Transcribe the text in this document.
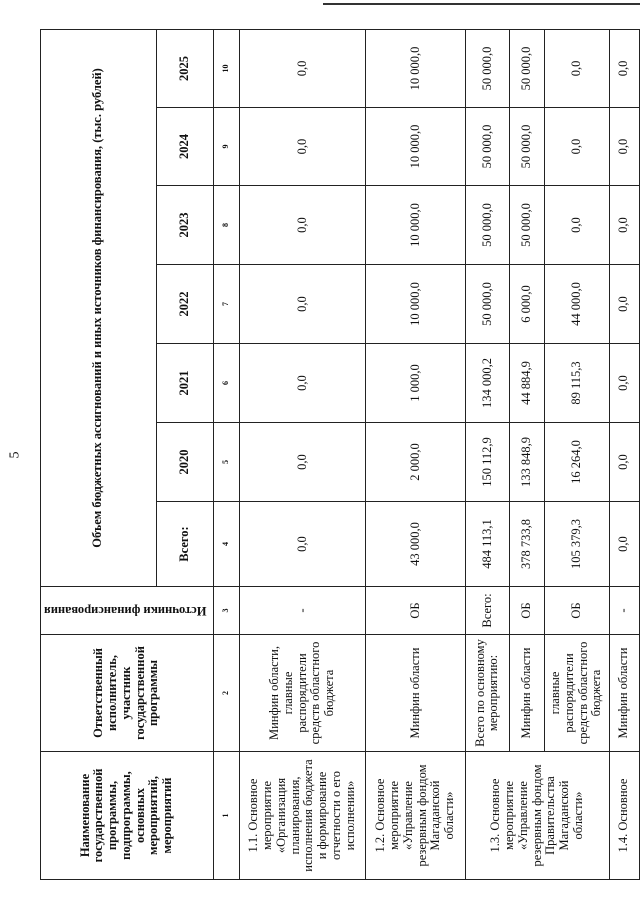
5
Наименование государственной программы, подпрограммы, основных мероприятий, мероприятий	Ответственный исполнитель, участник государственной программы	Источники финансирования	Объем бюджетных ассигнований и иных источников финансирования, (тыс. рублей)						
			Всего:	2020	2021	2022	2023	2024	2025
1	2	3	4	5	6	7	8	9	10
1.1. Основное мероприятие «Организация планирования, исполнения бюджета и формирование отчетности о его исполнении»	Минфин области, главные распорядители средств областного бюджета	-	0,0	0,0	0,0	0,0	0,0	0,0	0,0
1.2. Основное мероприятие «Управление резервным фондом Магаданской области»	Минфин области	ОБ	43 000,0	2 000,0	1 000,0	10 000,0	10 000,0	10 000,0	10 000,0
1.3. Основное мероприятие «Управление резервным фондом Правительства Магаданской области»	Всего по основному мероприятию:	Всего:	484 113,1	150 112,9	134 000,2	50 000,0	50 000,0	50 000,0	50 000,0
	Минфин области	ОБ	378 733,8	133 848,9	44 884,9	6 000,0	50 000,0	50 000,0	50 000,0
	главные распорядители средств областного бюджета	ОБ	105 379,3	16 264,0	89 115,3	44 000,0	0,0	0,0	0,0
1.4. Основное	Минфин области	-	0,0	0,0	0,0	0,0	0,0	0,0	0,0
